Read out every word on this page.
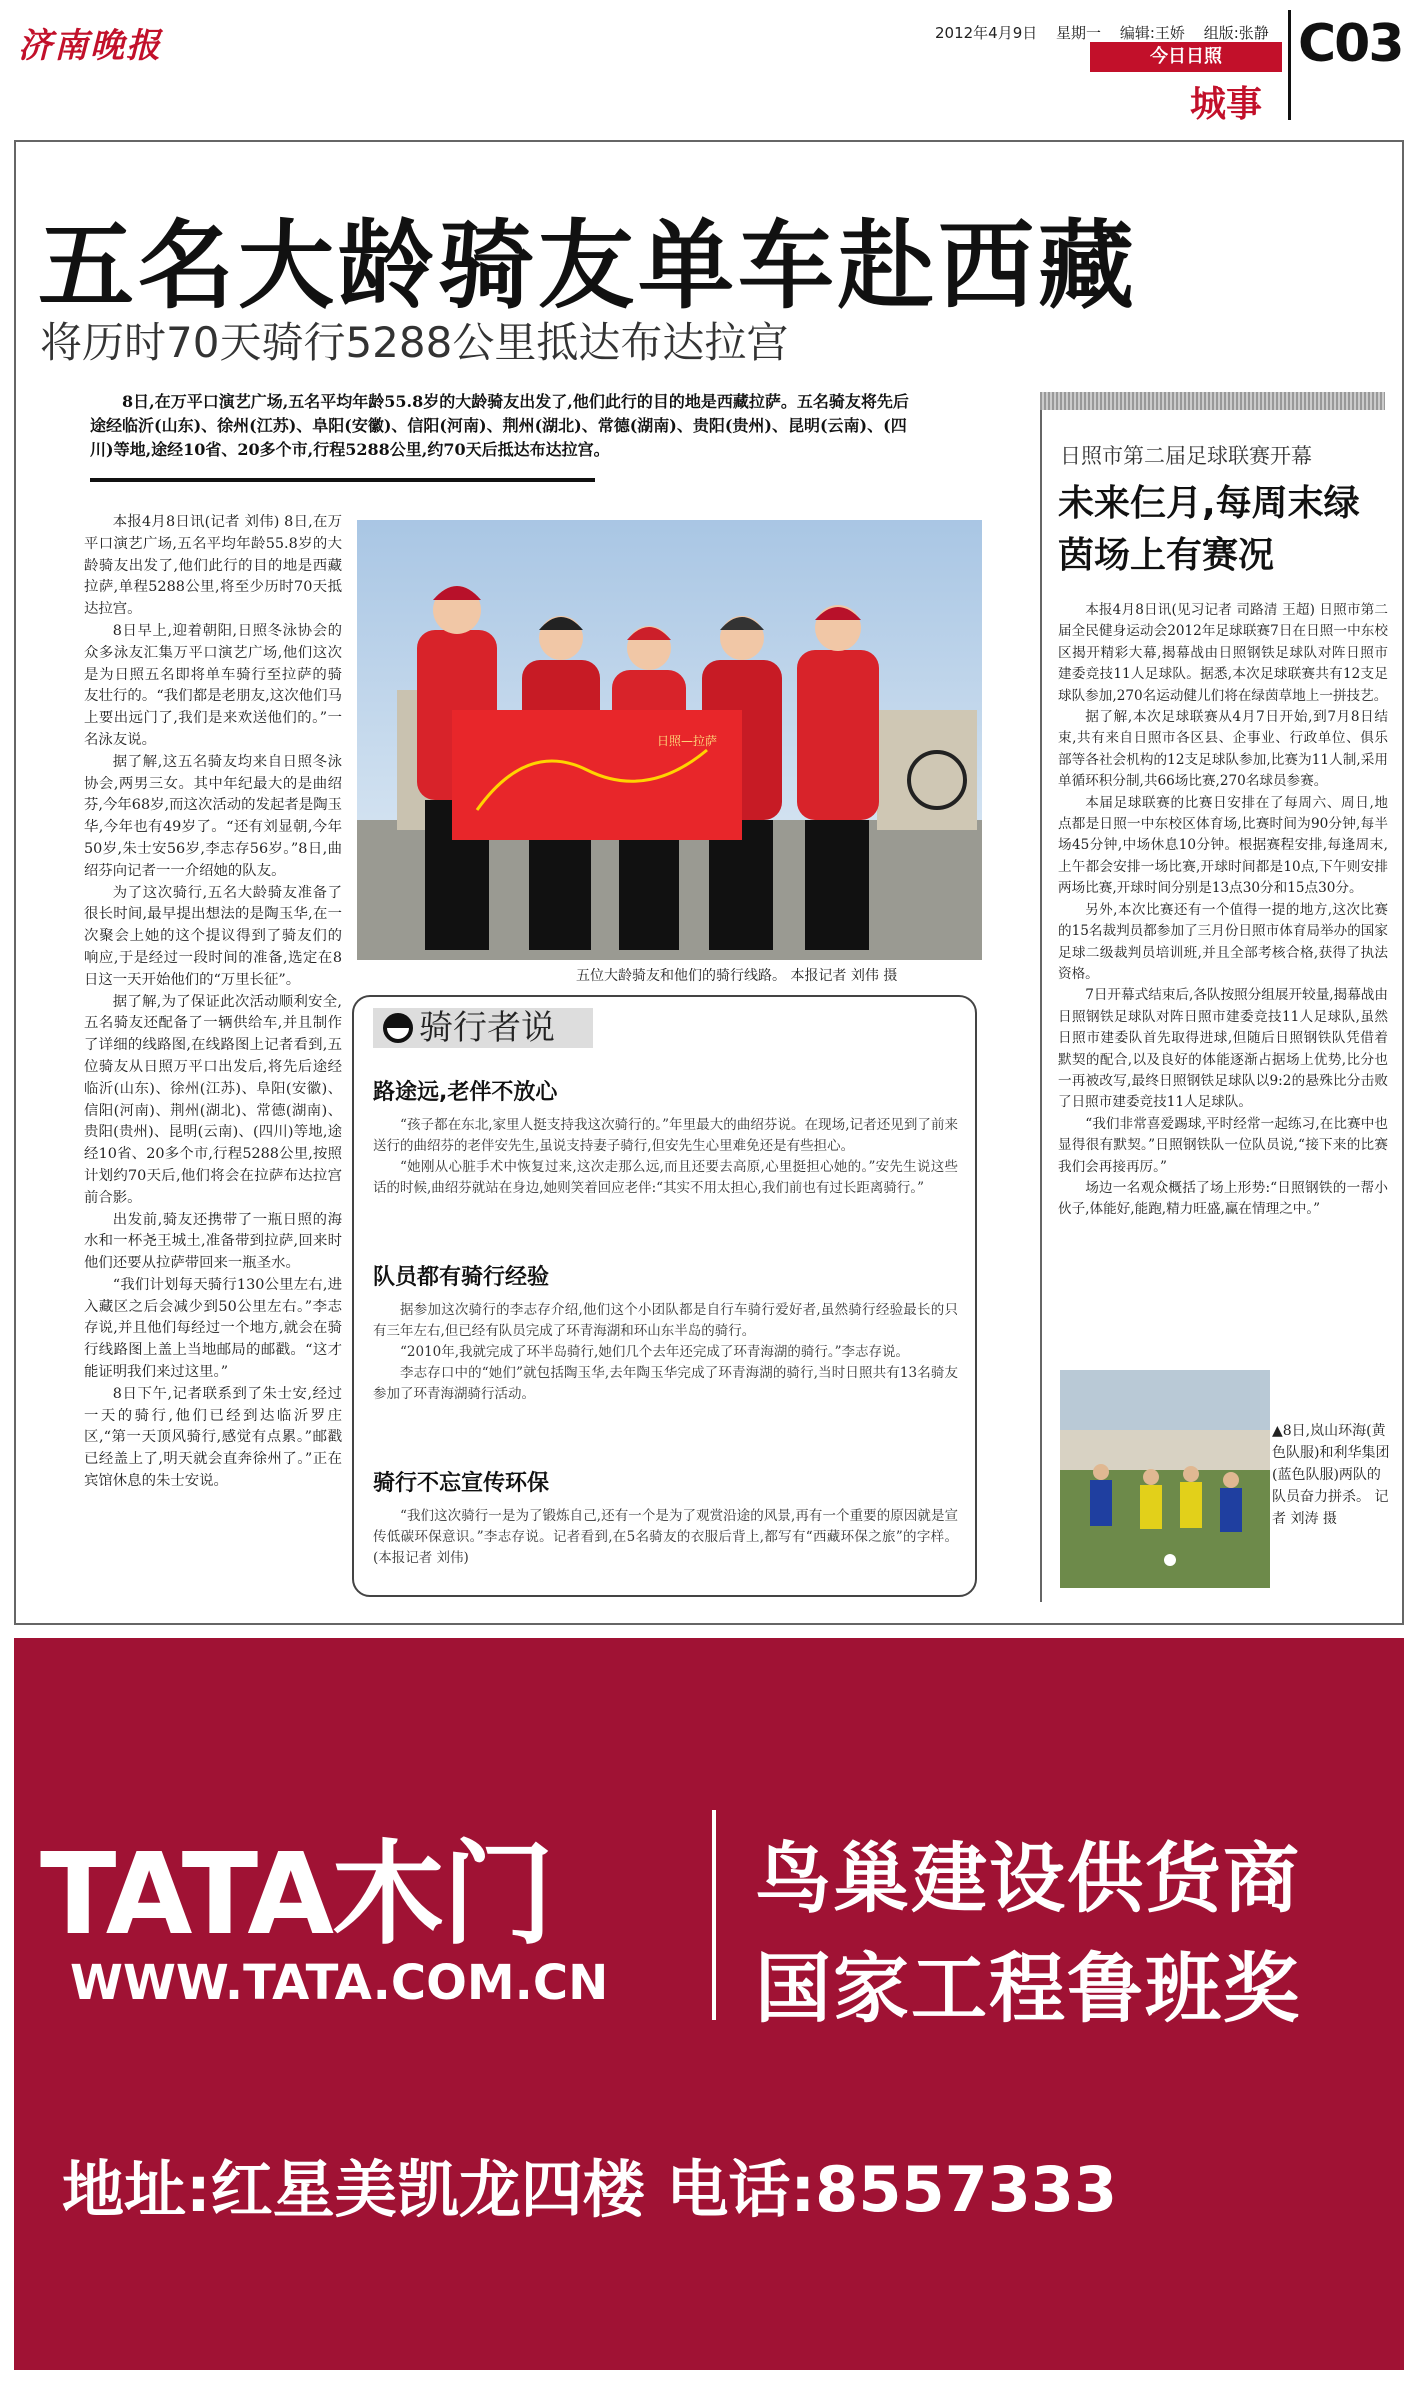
济南晚报	2012年4月9日 星期一 编辑:王娇 组版:张静
今日日照
城事
C03
五名大龄骑友单车赴西藏
将历时70天骑行5288公里抵达布达拉宫
8日,在万平口演艺广场,五名平均年龄55.8岁的大龄骑友出发了,他们此行的目的地是西藏拉萨。五名骑友将先后途经临沂(山东)、徐州(江苏)、阜阳(安徽)、信阳(河南)、荆州(湖北)、常德(湖南)、贵阳(贵州)、昆明(云南)、(四川)等地,途经10省、20多个市,行程5288公里,约70天后抵达布达拉宫。

本报4月8日讯(记者 刘伟) 8日,在万平口演艺广场,五名平均年龄55.8岁的大龄骑友出发了,他们此行的目的地是西藏拉萨,单程5288公里,将至少历时70天抵达拉宫。

8日早上,迎着朝阳,日照冬泳协会的众多泳友汇集万平口演艺广场,他们这次是为日照五名即将单车骑行至拉萨的骑友壮行的。“我们都是老朋友,这次他们马上要出远门了,我们是来欢送他们的。”一名泳友说。

据了解,这五名骑友均来自日照冬泳协会,两男三女。其中年纪最大的是曲绍芬,今年68岁,而这次活动的发起者是陶玉华,今年也有49岁了。“还有刘显朝,今年50岁,朱士安56岁,李志存56岁。”8日,曲绍芬向记者一一介绍她的队友。

为了这次骑行,五名大龄骑友准备了很长时间,最早提出想法的是陶玉华,在一次聚会上她的这个提议得到了骑友们的响应,于是经过一段时间的准备,选定在8日这一天开始他们的“万里长征”。

据了解,为了保证此次活动顺利安全,五名骑友还配备了一辆供给车,并且制作了详细的线路图,在线路图上记者看到,五位骑友从日照万平口出发后,将先后途经临沂(山东)、徐州(江苏)、阜阳(安徽)、信阳(河南)、荆州(湖北)、常德(湖南)、贵阳(贵州)、昆明(云南)、(四川)等地,途经10省、20多个市,行程5288公里,按照计划约70天后,他们将会在拉萨布达拉宫前合影。

出发前,骑友还携带了一瓶日照的海水和一杯尧王城土,准备带到拉萨,回来时他们还要从拉萨带回来一瓶圣水。

“我们计划每天骑行130公里左右,进入藏区之后会减少到50公里左右。”李志存说,并且他们每经过一个地方,就会在骑行线路图上盖上当地邮局的邮戳。“这才能证明我们来过这里。”

8日下午,记者联系到了朱士安,经过一天的骑行,他们已经到达临沂罗庄区,“第一天顶风骑行,感觉有点累。”邮戳已经盖上了,明天就会直奔徐州了。”正在宾馆休息的朱士安说。

日照—拉萨
五位大龄骑友和他们的骑行线路。 本报记者 刘伟 摄
骑行者说
路途远,老伴不放心

“孩子都在东北,家里人挺支持我这次骑行的。”年里最大的曲绍芬说。在现场,记者还见到了前来送行的曲绍芬的老伴安先生,虽说支持妻子骑行,但安先生心里难免还是有些担心。

“她刚从心脏手术中恢复过来,这次走那么远,而且还要去高原,心里挺担心她的。”安先生说这些话的时候,曲绍芬就站在身边,她则笑着回应老伴:“其实不用太担心,我们前也有过长距离骑行。”

队员都有骑行经验

据参加这次骑行的李志存介绍,他们这个小团队都是自行车骑行爱好者,虽然骑行经验最长的只有三年左右,但已经有队员完成了环青海湖和环山东半岛的骑行。

“2010年,我就完成了环半岛骑行,她们几个去年还完成了环青海湖的骑行。”李志存说。

李志存口中的“她们”就包括陶玉华,去年陶玉华完成了环青海湖的骑行,当时日照共有13名骑友参加了环青海湖骑行活动。

骑行不忘宣传环保

“我们这次骑行一是为了锻炼自己,还有一个是为了观赏沿途的风景,再有一个重要的原因就是宣传低碳环保意识。”李志存说。记者看到,在5名骑友的衣服后背上,都写有“西藏环保之旅”的字样。 (本报记者 刘伟)

日照市第二届足球联赛开幕
未来仨月,每周末绿茵场上有赛况

本报4月8日讯(见习记者 司路清 王超) 日照市第二届全民健身运动会2012年足球联赛7日在日照一中东校区揭开精彩大幕,揭幕战由日照钢铁足球队对阵日照市建委竞技11人足球队。据悉,本次足球联赛共有12支足球队参加,270名运动健儿们将在绿茵草地上一拼技艺。

据了解,本次足球联赛从4月7日开始,到7月8日结束,共有来自日照市各区县、企事业、行政单位、俱乐部等各社会机构的12支足球队参加,比赛为11人制,采用单循环积分制,共66场比赛,270名球员参赛。

本届足球联赛的比赛日安排在了每周六、周日,地点都是日照一中东校区体育场,比赛时间为90分钟,每半场45分钟,中场休息10分钟。根据赛程安排,每逢周末,上午都会安排一场比赛,开球时间都是10点,下午则安排两场比赛,开球时间分别是13点30分和15点30分。

另外,本次比赛还有一个值得一提的地方,这次比赛的15名裁判员都参加了三月份日照市体育局举办的国家足球二级裁判员培训班,并且全部考核合格,获得了执法资格。

7日开幕式结束后,各队按照分组展开较量,揭幕战由日照钢铁足球队对阵日照市建委竞技11人足球队,虽然日照市建委队首先取得进球,但随后日照钢铁队凭借着默契的配合,以及良好的体能逐渐占据场上优势,比分也一再被改写,最终日照钢铁足球队以9:2的悬殊比分击败了日照市建委竞技11人足球队。

“我们非常喜爱踢球,平时经常一起练习,在比赛中也显得很有默契。”日照钢铁队一位队员说,“接下来的比赛我们会再接再厉。”

场边一名观众概括了场上形势:“日照钢铁的一帮小伙子,体能好,能跑,精力旺盛,赢在情理之中。”

▲8日,岚山环海(黄色队服)和利华集团(蓝色队服)两队的队员奋力拼杀。 记者 刘涛 摄
TATA木门
WWW.TATA.COM.CN
鸟巢建设供货商
国家工程鲁班奖
地址:红星美凯龙四楼 电话:8557333
